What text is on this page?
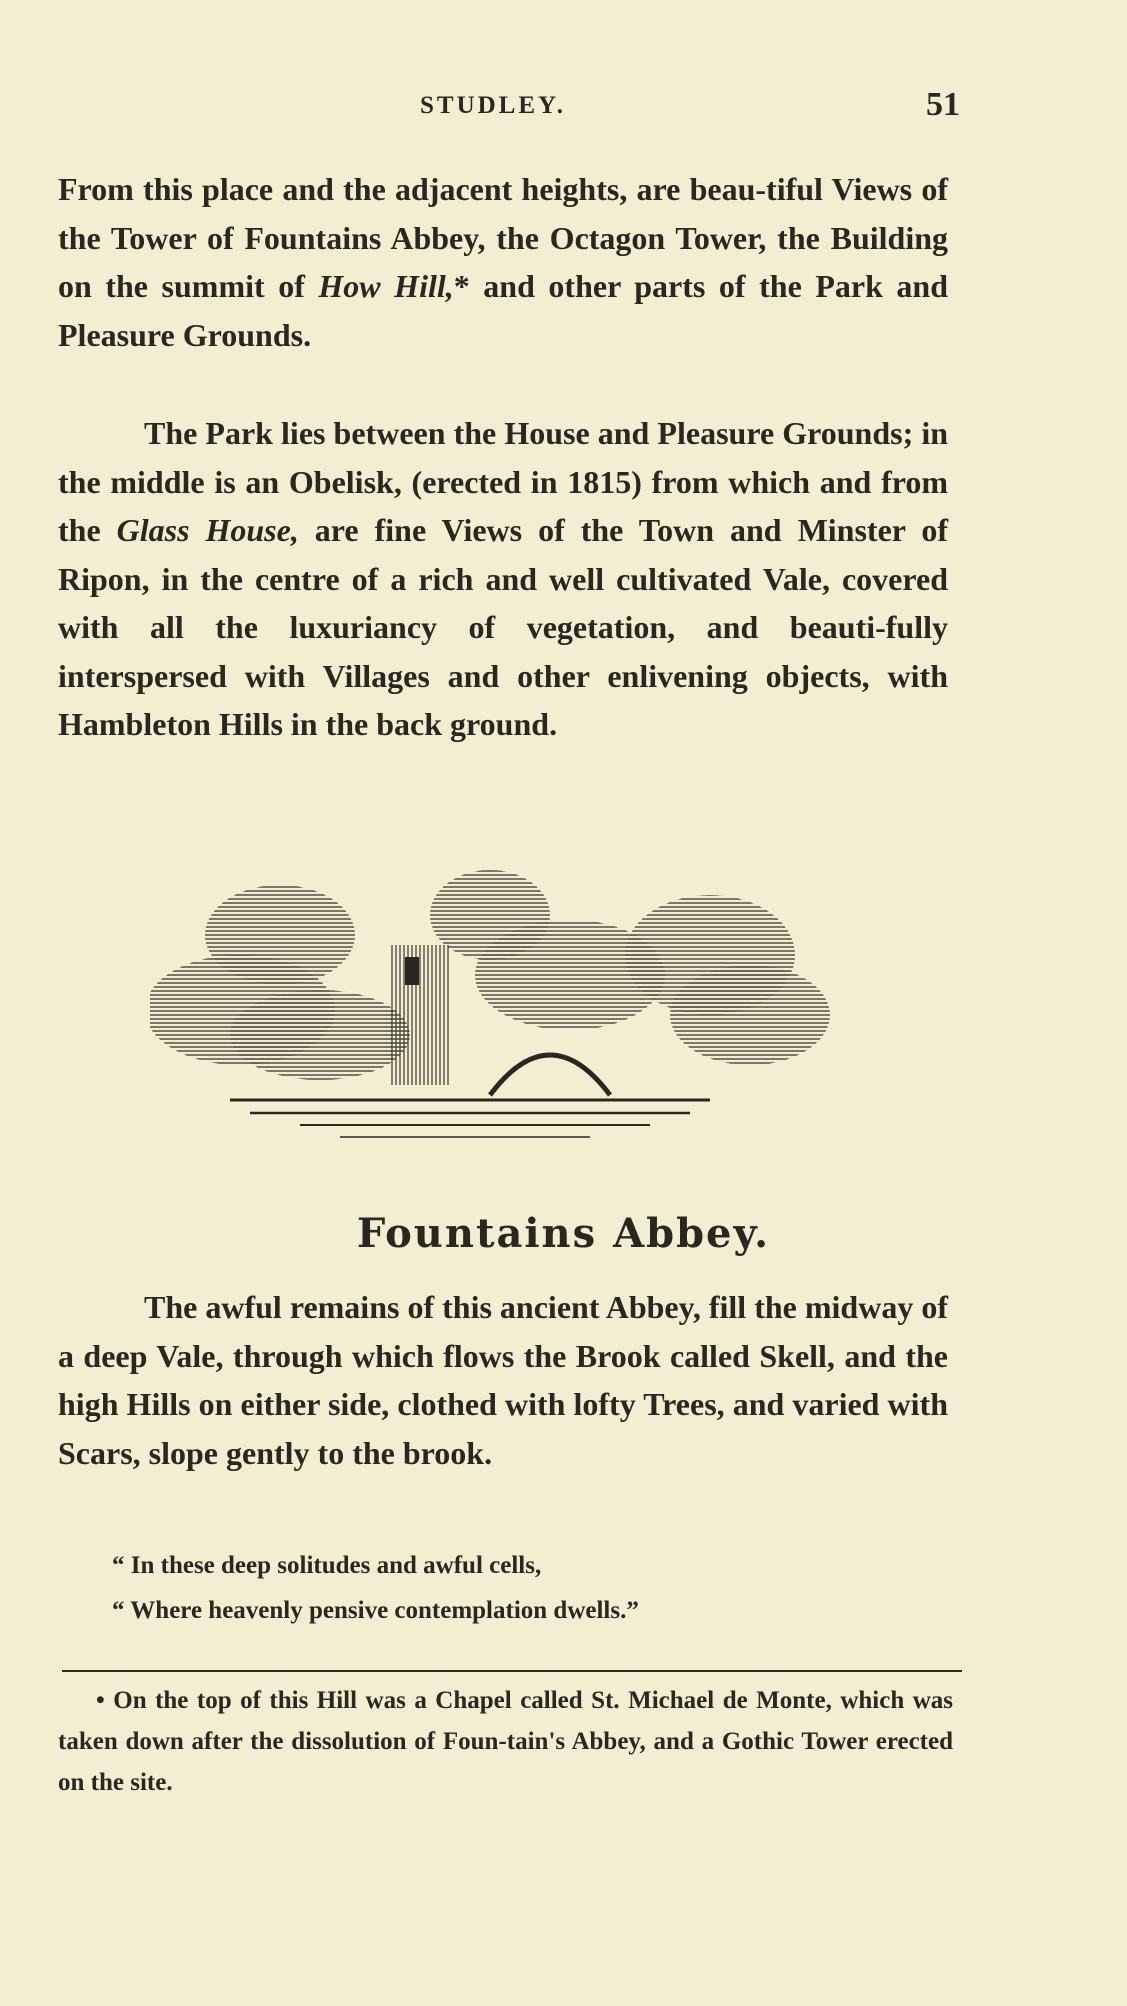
STUDLEY.	51

From this place and the adjacent heights, are beau-tiful Views of the Tower of Fountains Abbey, the Octagon Tower, the Building on the summit of How Hill,* and other parts of the Park and Pleasure Grounds.

The Park lies between the House and Pleasure Grounds; in the middle is an Obelisk, (erected in 1815) from which and from the Glass House, are fine Views of the Town and Minster of Ripon, in the centre of a rich and well cultivated Vale, covered with all the luxuriancy of vegetation, and beauti-fully interspersed with Villages and other enlivening objects, with Hambleton Hills in the back ground.

Fountains Abbey.

The awful remains of this ancient Abbey, fill the midway of a deep Vale, through which flows the Brook called Skell, and the high Hills on either side, clothed with lofty Trees, and varied with Scars, slope gently to the brook.

“ In these deep solitudes and awful cells,
“ Where heavenly pensive contemplation dwells.”

• On the top of this Hill was a Chapel called St. Michael de Monte, which was taken down after the dissolution of Foun-tain's Abbey, and a Gothic Tower erected on the site.
